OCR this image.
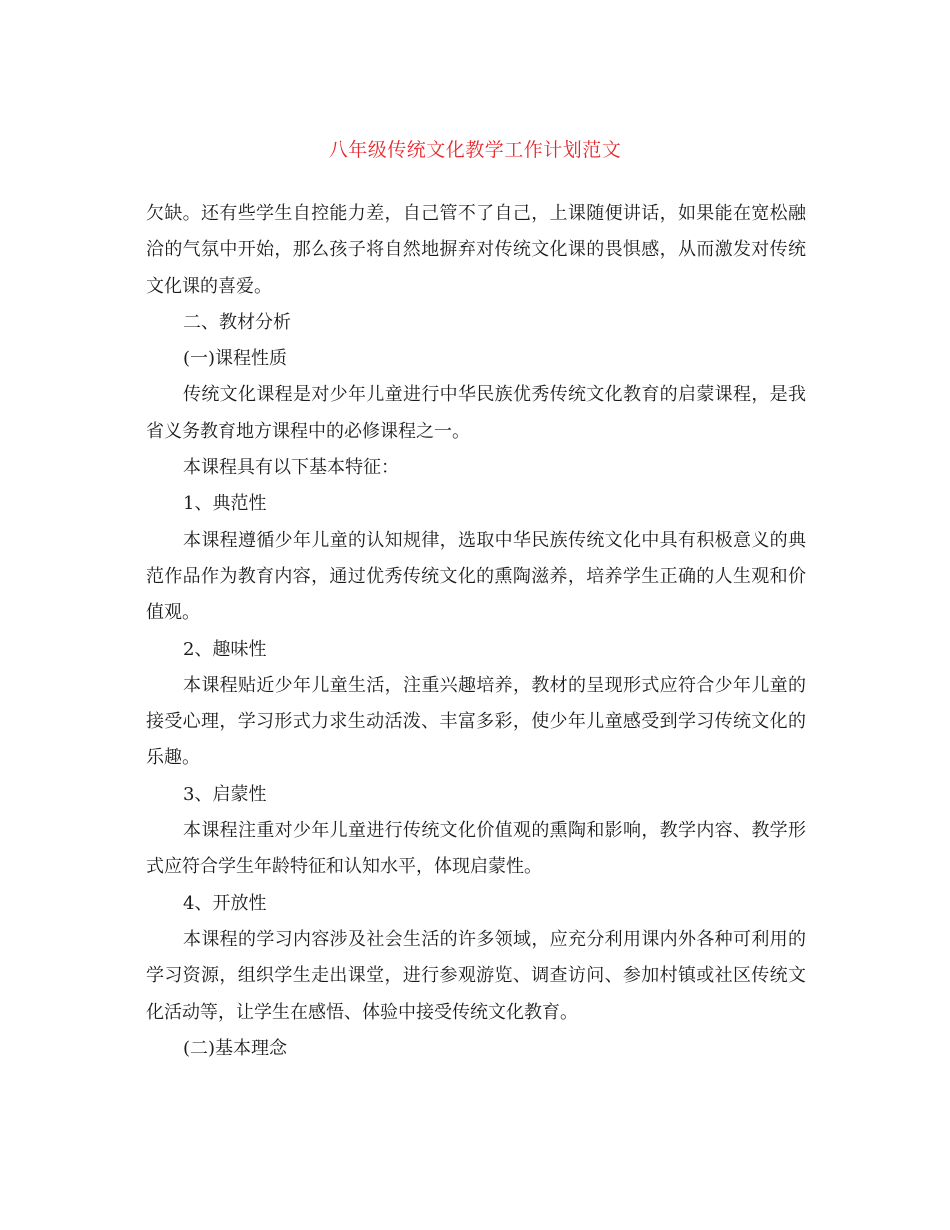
八年级传统文化教学工作计划范文

欠缺。还有些学生自控能力差，自己管不了自己，上课随便讲话，如果能在宽松融洽的气氛中开始，那么孩子将自然地摒弃对传统文化课的畏惧感，从而激发对传统文化课的喜爱。

二、教材分析

(一)课程性质

传统文化课程是对少年儿童进行中华民族优秀传统文化教育的启蒙课程，是我省义务教育地方课程中的必修课程之一。

本课程具有以下基本特征：

1、典范性

本课程遵循少年儿童的认知规律，选取中华民族传统文化中具有积极意义的典范作品作为教育内容，通过优秀传统文化的熏陶滋养，培养学生正确的人生观和价值观。

2、趣味性

本课程贴近少年儿童生活，注重兴趣培养，教材的呈现形式应符合少年儿童的接受心理，学习形式力求生动活泼、丰富多彩，使少年儿童感受到学习传统文化的乐趣。

3、启蒙性

本课程注重对少年儿童进行传统文化价值观的熏陶和影响，教学内容、教学形式应符合学生年龄特征和认知水平，体现启蒙性。

4、开放性

本课程的学习内容涉及社会生活的许多领域，应充分利用课内外各种可利用的学习资源，组织学生走出课堂，进行参观游览、调查访问、参加村镇或社区传统文化活动等，让学生在感悟、体验中接受传统文化教育。

(二)基本理念
